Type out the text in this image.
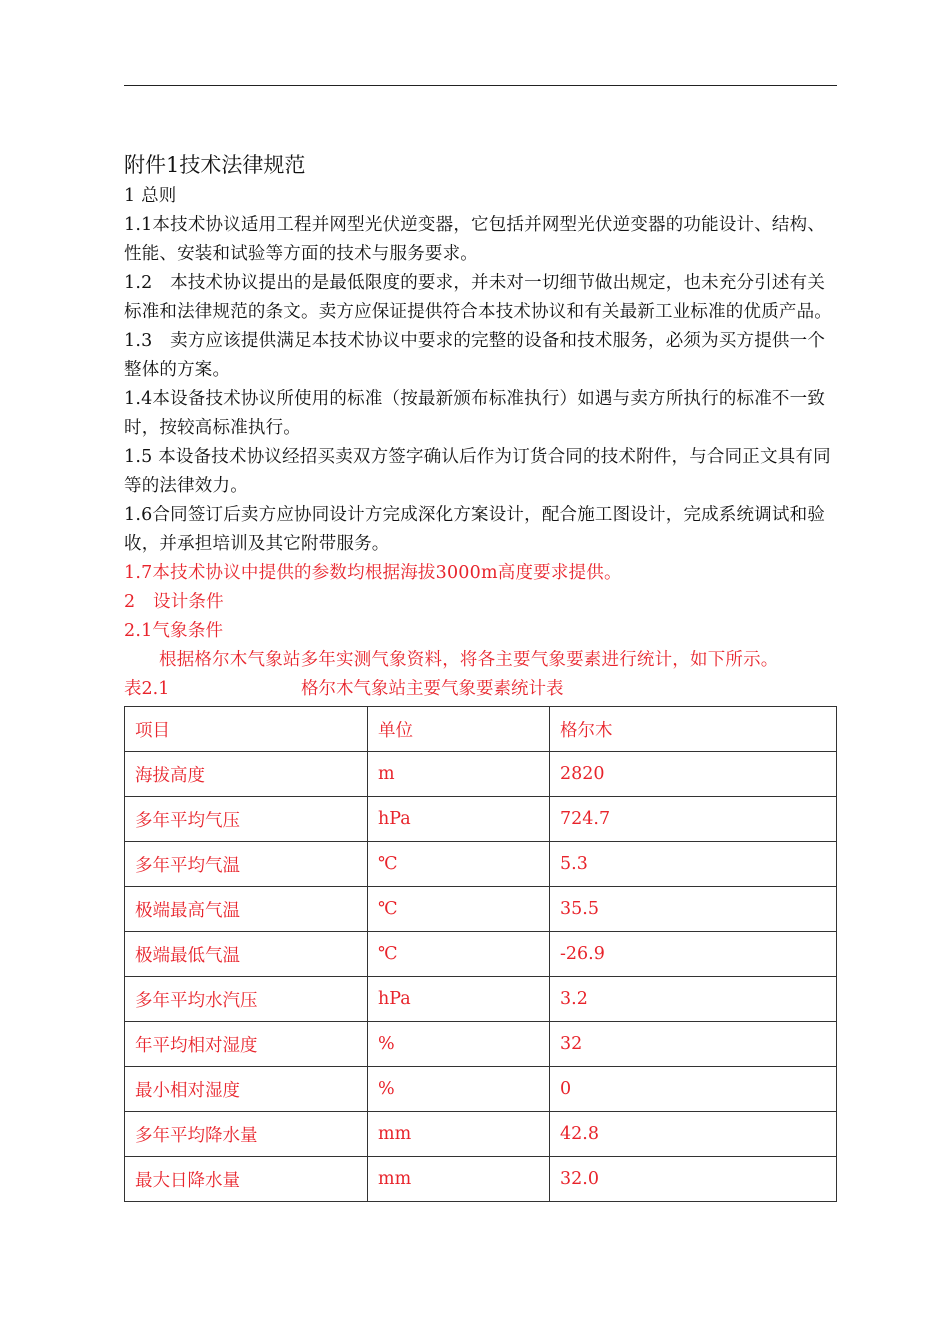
附件1技术法律规范

1 总则

1.1本技术协议适用工程并网型光伏逆变器，它包括并网型光伏逆变器的功能设计、结构、性能、安装和试验等方面的技术与服务要求。

1.2　本技术协议提出的是最低限度的要求，并未对一切细节做出规定，也未充分引述有关标准和法律规范的条文。卖方应保证提供符合本技术协议和有关最新工业标准的优质产品。

1.3　卖方应该提供满足本技术协议中要求的完整的设备和技术服务，必须为买方提供一个整体的方案。

1.4本设备技术协议所使用的标准（按最新颁布标准执行）如遇与卖方所执行的标准不一致时，按较高标准执行。

1.5 本设备技术协议经招买卖双方签字确认后作为订货合同的技术附件，与合同正文具有同等的法律效力。

1.6合同签订后卖方应协同设计方完成深化方案设计，配合施工图设计，完成系统调试和验收，并承担培训及其它附带服务。

1.7本技术协议中提供的参数均根据海拔3000m高度要求提供。

2　设计条件

2.1气象条件

根据格尔木气象站多年实测气象资料，将各主要气象要素进行统计，如下所示。

表2.1	格尔木气象站主要气象要素统计表
项目	单位	格尔木
海拔高度	m	2820
多年平均气压	hPa	724.7
多年平均气温	℃	5.3
极端最高气温	℃	35.5
极端最低气温	℃	-26.9
多年平均水汽压	hPa	3.2
年平均相对湿度	%	32
最小相对湿度	%	0
多年平均降水量	mm	42.8
最大日降水量	mm	32.0
